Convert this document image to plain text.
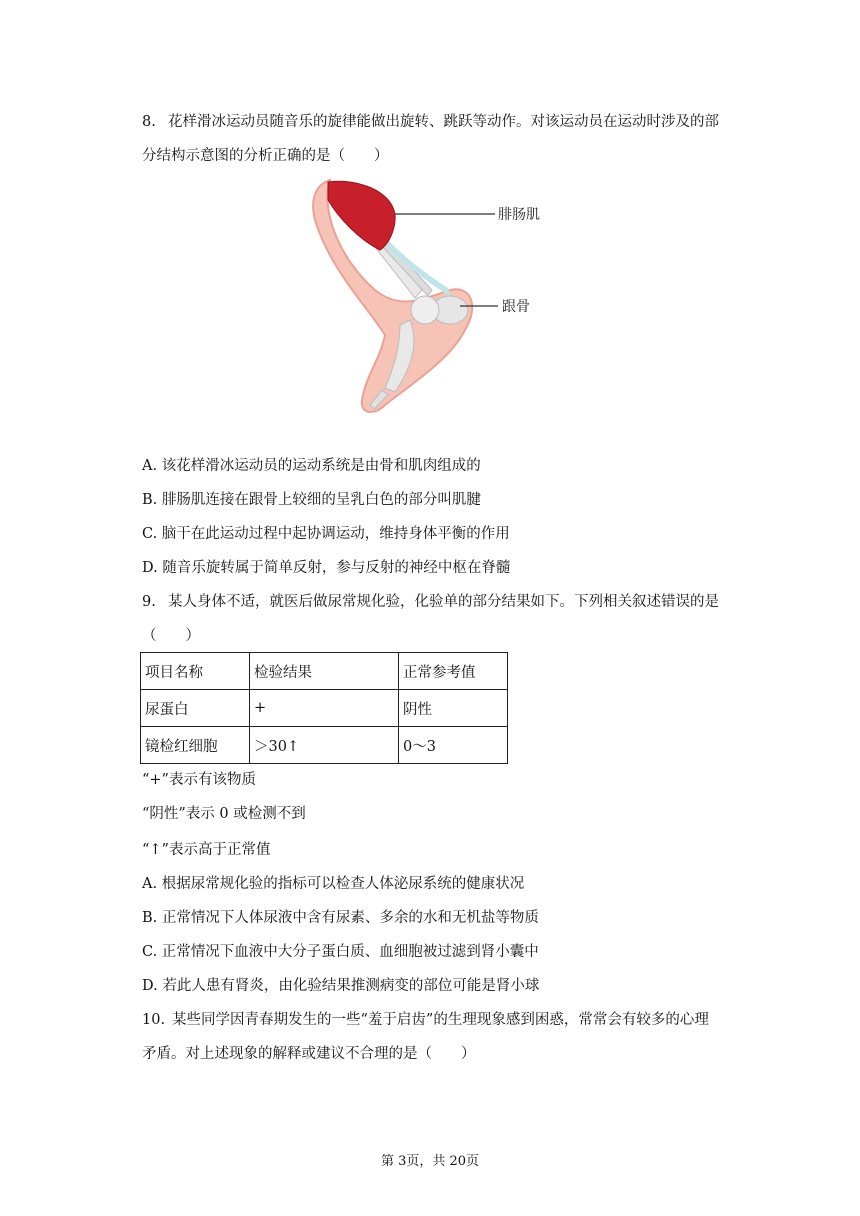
8. 花样滑冰运动员随音乐的旋律能做出旋转、跳跃等动作。对该运动员在运动时涉及的部
分结构示意图的分析正确的是（　　）
腓肠肌
跟骨
A. 该花样滑冰运动员的运动系统是由骨和肌肉组成的
B. 腓肠肌连接在跟骨上较细的呈乳白色的部分叫肌腱
C. 脑干在此运动过程中起协调运动，维持身体平衡的作用
D. 随音乐旋转属于简单反射，参与反射的神经中枢在脊髓
9. 某人身体不适，就医后做尿常规化验，化验单的部分结果如下。下列相关叙述错误的是
（　　）
项目名称	检验结果	正常参考值
尿蛋白	+	阴性
镜检红细胞	＞30↑	0～3
“+”表示有该物质
“阴性”表示 0 或检测不到
“↑”表示高于正常值
A. 根据尿常规化验的指标可以检查人体泌尿系统的健康状况
B. 正常情况下人体尿液中含有尿素、多余的水和无机盐等物质
C. 正常情况下血液中大分子蛋白质、血细胞被过滤到肾小囊中
D. 若此人患有肾炎，由化验结果推测病变的部位可能是肾小球
10. 某些同学因青春期发生的一些“羞于启齿”的生理现象感到困惑，常常会有较多的心理
矛盾。对上述现象的解释或建议不合理的是（　　）
第 3页，共 20页
